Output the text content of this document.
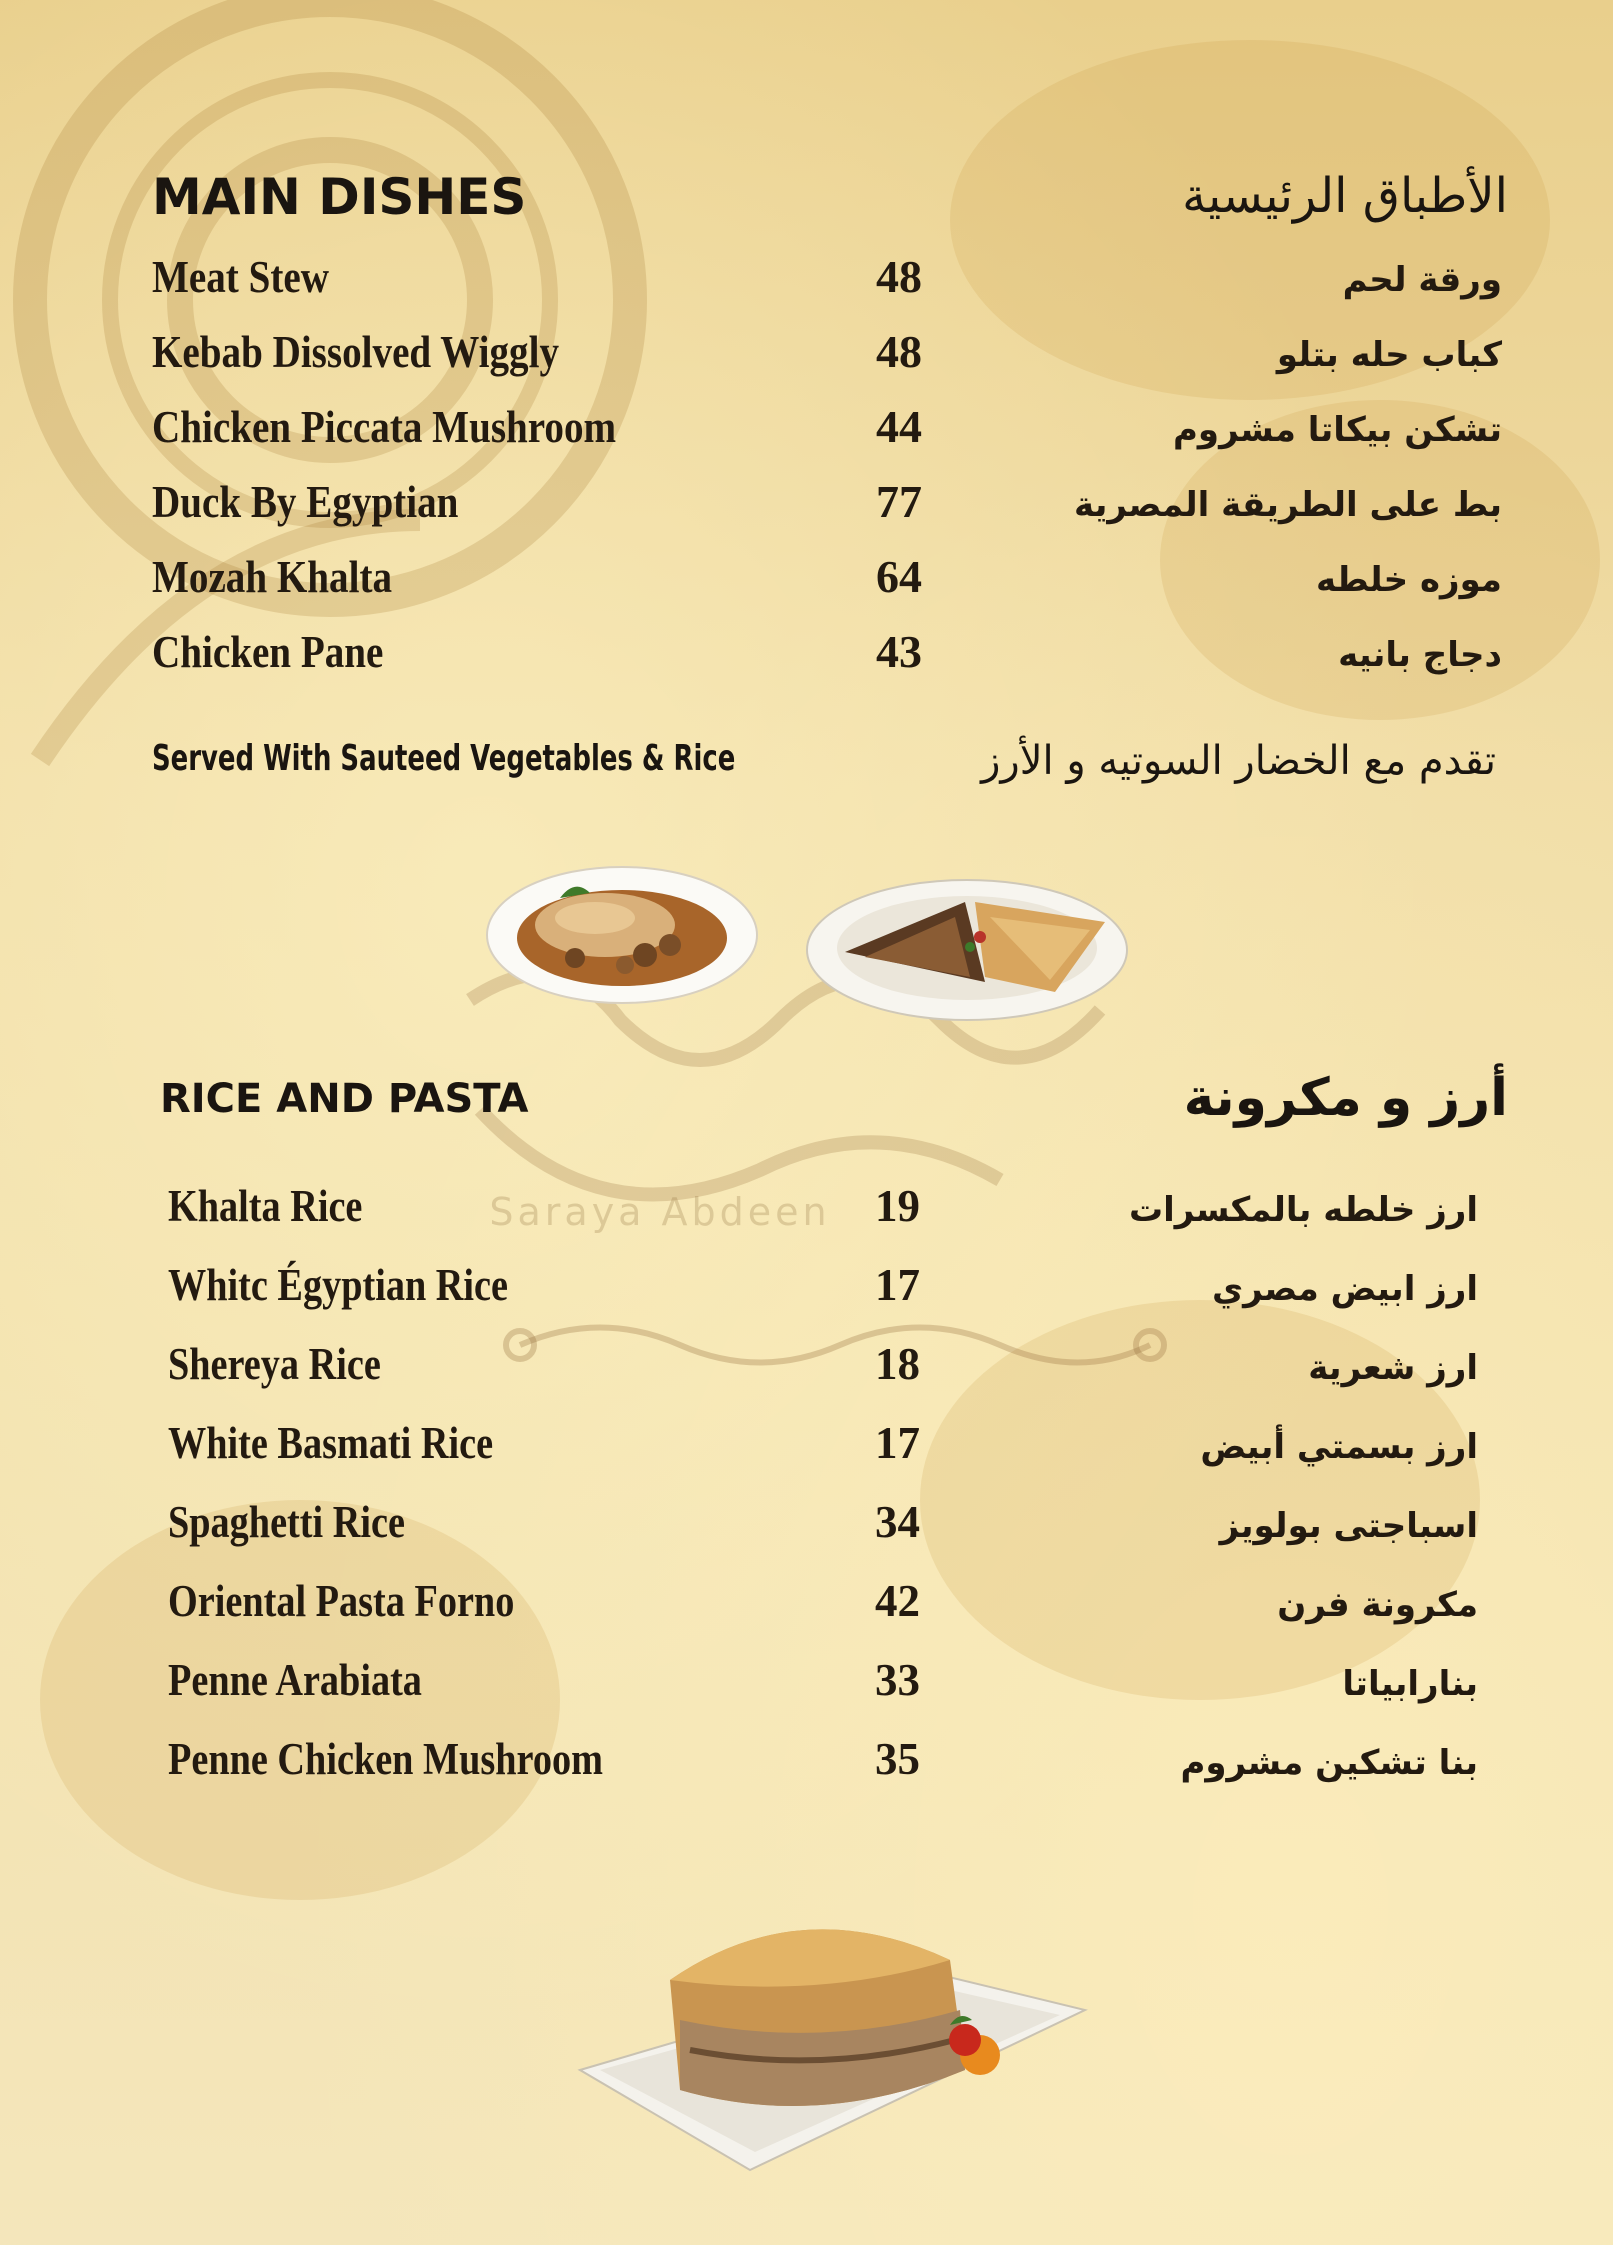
Saraya Abdeen
MAIN DISHES	الأطباق الرئيسية
Meat Stew	48	ورقة لحم
Kebab Dissolved Wiggly	48	كباب حله بتلو
Chicken Piccata Mushroom	44	تشكن بيكاتا مشروم
Duck By Egyptian	77	بط على الطريقة المصرية
Mozah Khalta	64	موزه خلطه
Chicken Pane	43	دجاج بانيه
Served With Sauteed Vegetables & Rice	تقدم مع الخضار السوتيه و الأرز
RICE AND PASTA	أرز و مكرونة
Khalta Rice	19	ارز خلطه بالمكسرات
Whitc Égyptian Rice	17	ارز ابيض مصري
Shereya Rice	18	ارز شعرية
White Basmati Rice	17	ارز بسمتي أبيض
Spaghetti Rice	34	اسباجتى بولويز
Oriental Pasta Forno	42	مكرونة فرن
Penne Arabiata	33	بنارابياتا
Penne Chicken Mushroom	35	بنا تشكين مشروم
